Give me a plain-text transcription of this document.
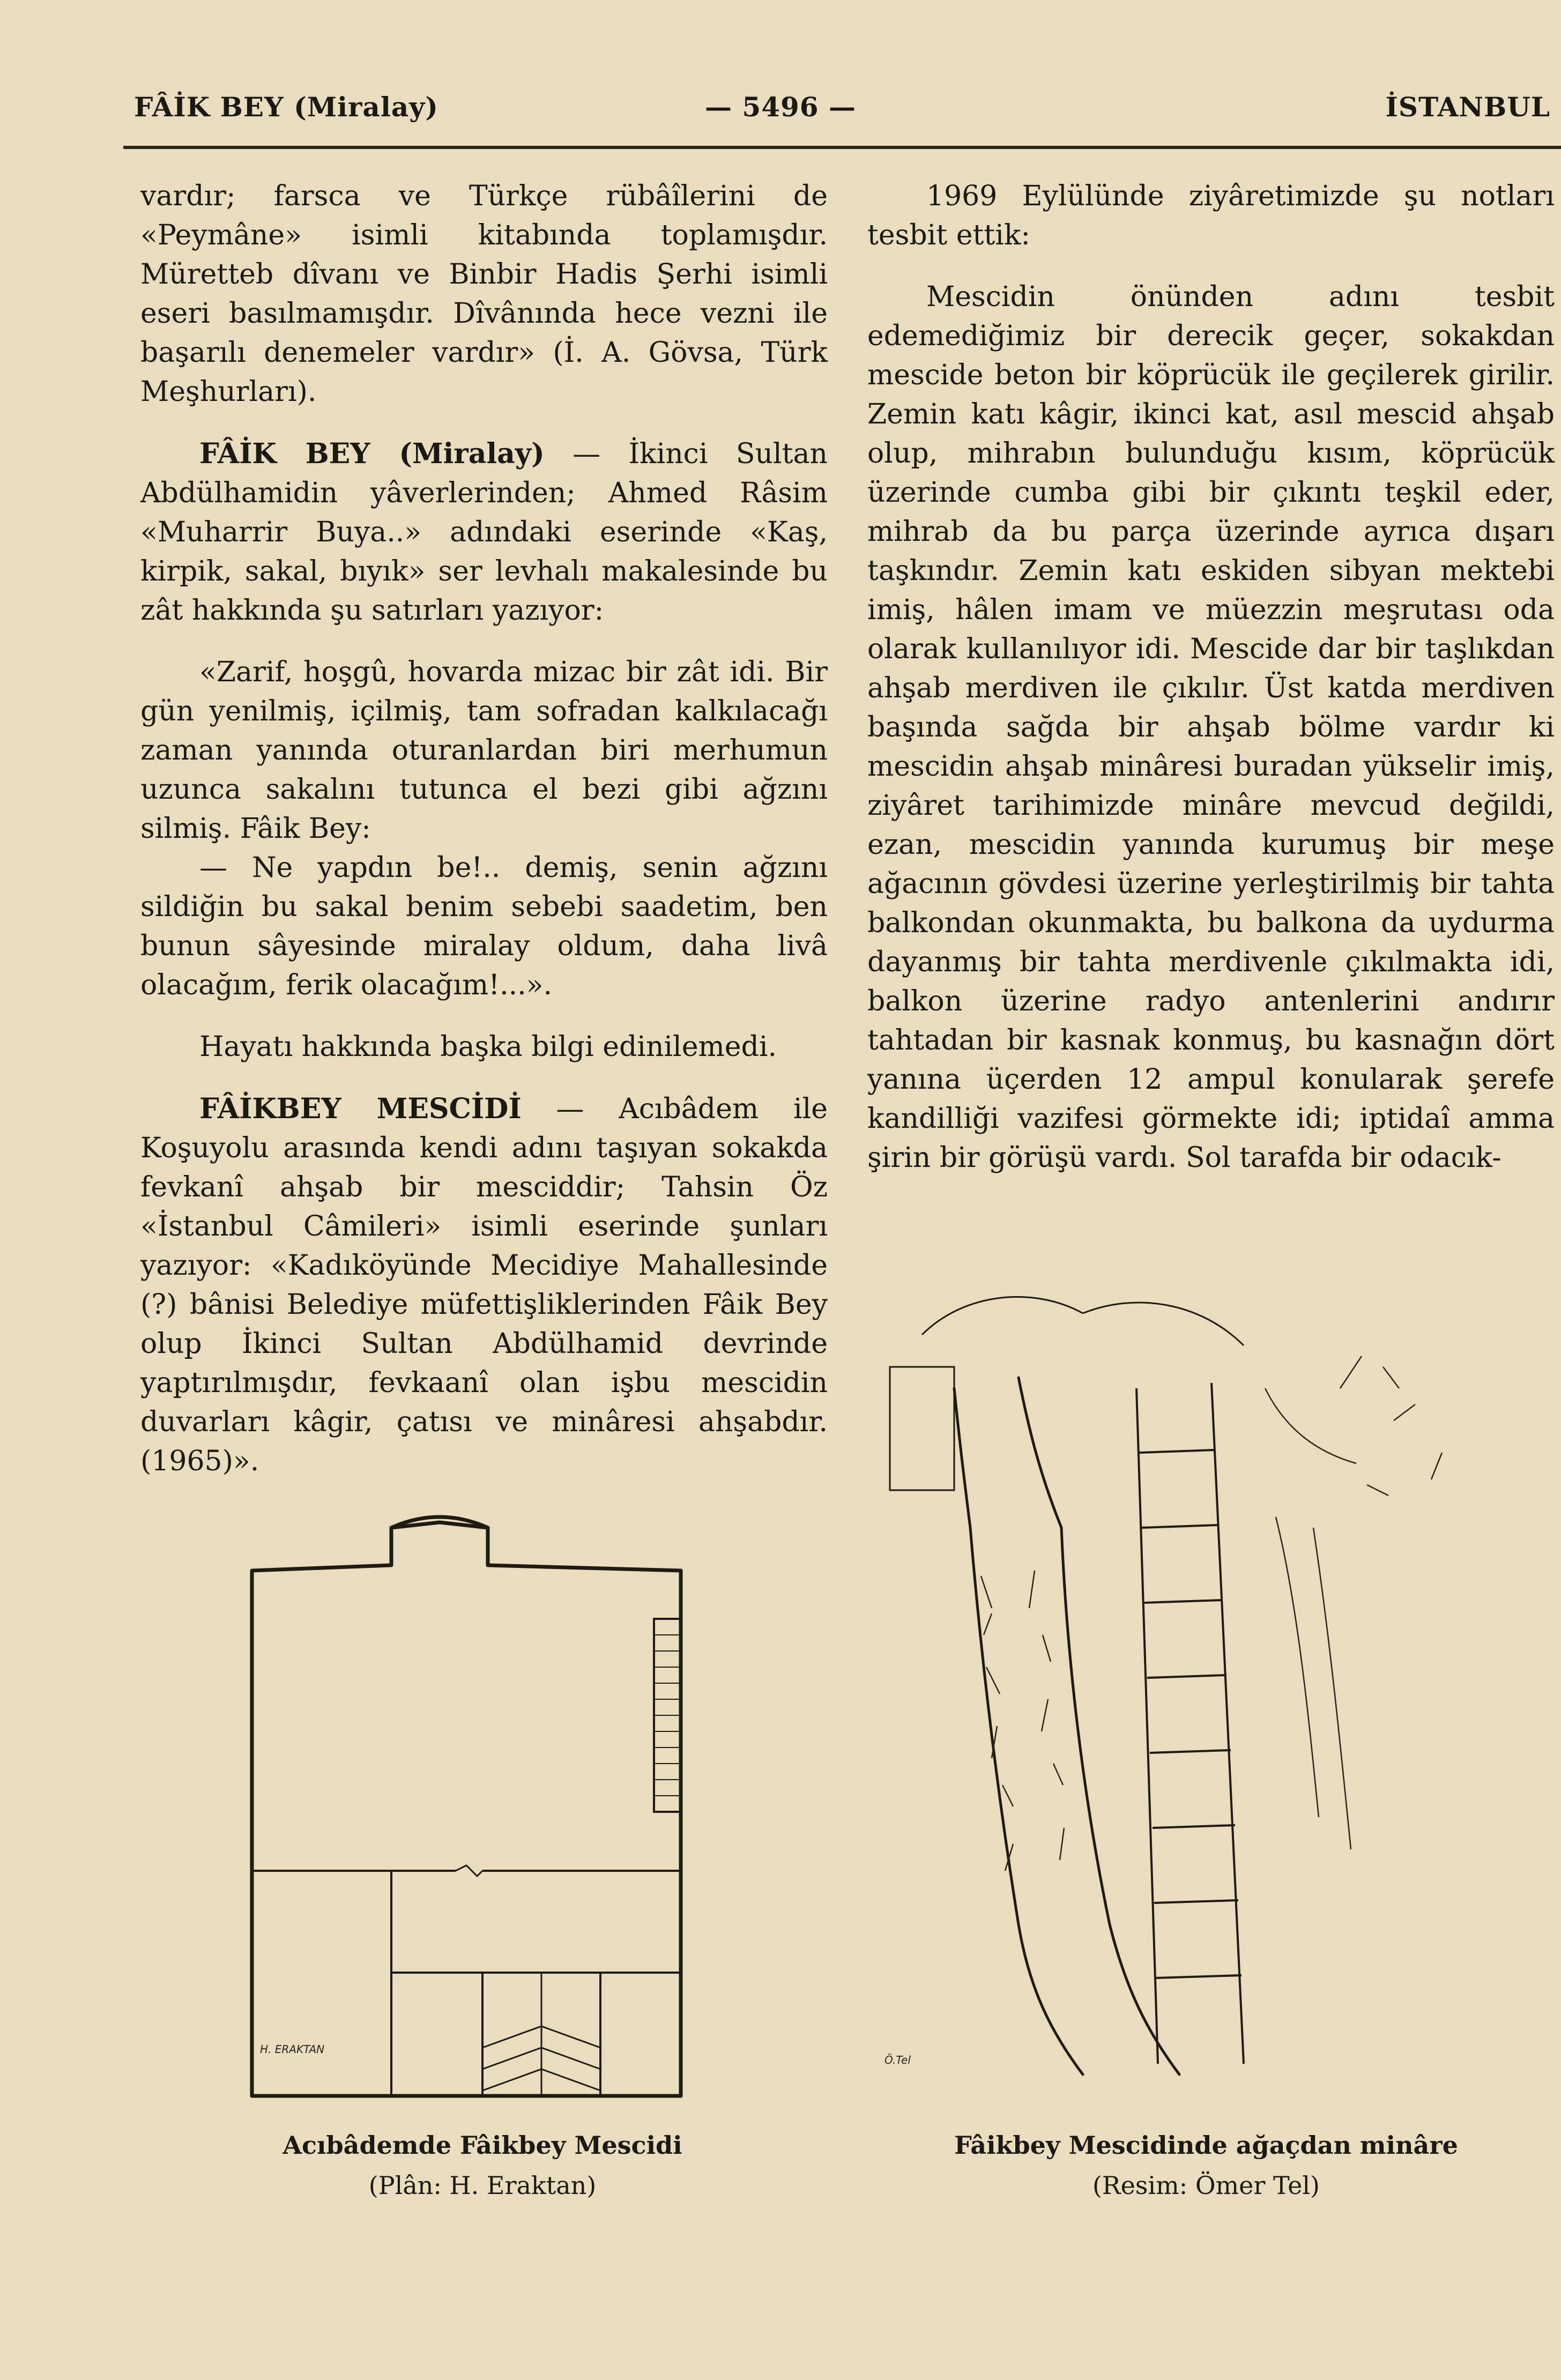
FÂİK BEY (Miralay)	— 5496 —	İSTANBUL

vardır; farsca ve Türkçe rübâîlerini de «Peymâne» isimli kitabında toplamışdır. Müretteb dîvanı ve Binbir Hadis Şerhi isimli eseri basılmamışdır. Dîvânında hece vezni ile başarılı denemeler vardır» (İ. A. Gövsa, Türk Meşhurları).

FÂİK BEY (Miralay) — İkinci Sultan Abdülhamidin yâverlerinden; Ahmed Râsim «Muharrir Buya..» adındaki eserinde «Kaş, kirpik, sakal, bıyık» ser levhalı makalesinde bu zât hakkında şu satırları yazıyor:

«Zarif, hoşgû, hovarda mizac bir zât idi. Bir gün yenilmiş, içilmiş, tam sofradan kalkılacağı zaman yanında oturanlardan biri merhumun uzunca sakalını tutunca el bezi gibi ağzını silmiş. Fâik Bey:

— Ne yapdın be!.. demiş, senin ağzını sildiğin bu sakal benim sebebi saadetim, ben bunun sâyesinde miralay oldum, daha livâ olacağım, ferik olacağım!...».

Hayatı hakkında başka bilgi edinilemedi.

FÂİKBEY MESCİDİ — Acıbâdem ile Koşuyolu arasında kendi adını taşıyan sokakda fevkanî ahşab bir mesciddir; Tahsin Öz «İstanbul Câmileri» isimli eserinde şunları yazıyor: «Kadıköyünde Mecidiye Mahallesinde (?) bânisi Belediye müfettişliklerinden Fâik Bey olup İkinci Sultan Abdülhamid devrinde yaptırılmışdır, fevkaanî olan işbu mescidin duvarları kâgir, çatısı ve minâresi ahşabdır. (1965)».

1969 Eylülünde ziyâretimizde şu notları tesbit ettik:

Mescidin önünden adını tesbit edemediğimiz bir derecik geçer, sokakdan mescide beton bir köprücük ile geçilerek girilir. Zemin katı kâgir, ikinci kat, asıl mescid ahşab olup, mihrabın bulunduğu kısım, köprücük üzerinde cumba gibi bir çıkıntı teşkil eder, mihrab da bu parça üzerinde ayrıca dışarı taşkındır. Zemin katı eskiden sibyan mektebi imiş, hâlen imam ve müezzin meşrutası oda olarak kullanılıyor idi. Mescide dar bir taşlıkdan ahşab merdiven ile çıkılır. Üst katda merdiven başında sağda bir ahşab bölme vardır ki mescidin ahşab minâresi buradan yükselir imiş, ziyâret tarihimizde minâre mevcud değildi, ezan, mescidin yanında kurumuş bir meşe ağacının gövdesi üzerine yerleştirilmiş bir tahta balkondan okunmakta, bu balkona da uydurma dayanmış bir tahta merdivenle çıkılmakta idi, balkon üzerine radyo antenlerini andırır tahtadan bir kasnak konmuş, bu kasnağın dört yanına üçerden 12 ampul konularak şerefe kandilliği vazifesi görmekte idi; iptidaî amma şirin bir görüşü vardı. Sol tarafda bir odacık-

H. ERAKTAN
Ö.Tel
Acıbâdemde Fâikbey Mescidi
(Plân: H. Eraktan)
Fâikbey Mescidinde ağaçdan minâre
(Resim: Ömer Tel)
